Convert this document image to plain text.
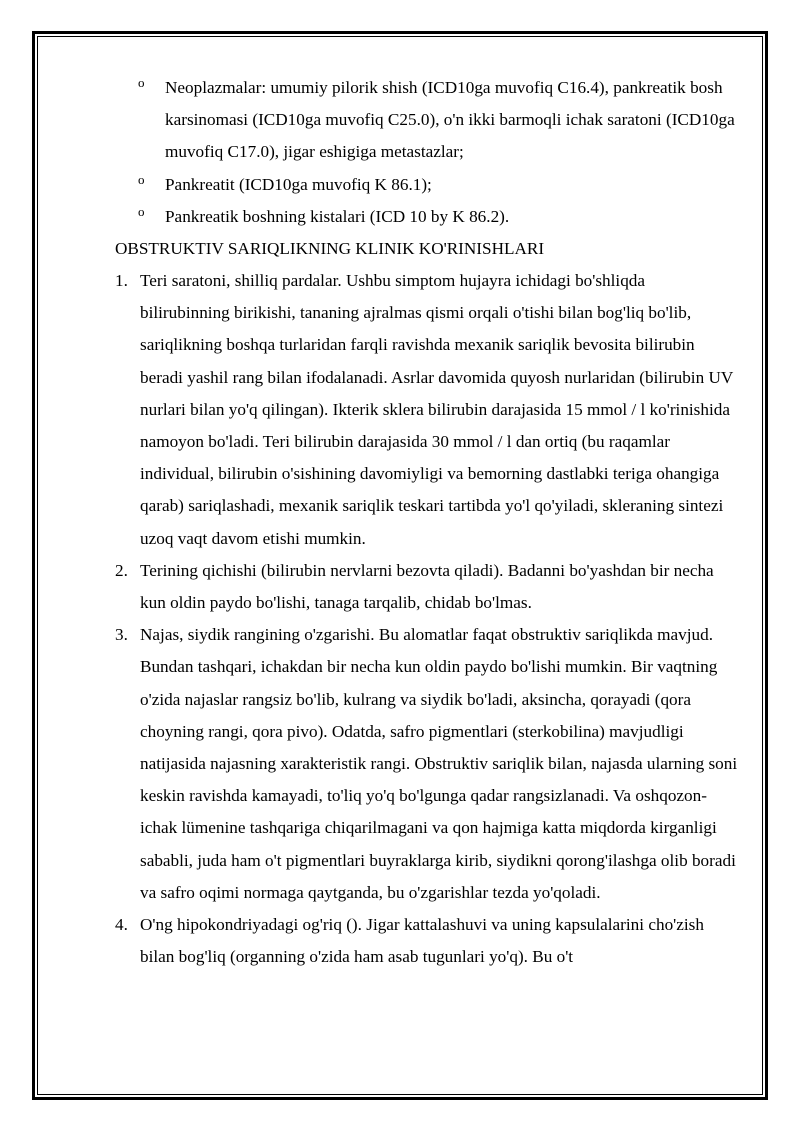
o Neoplazmalar: umumiy pilorik shish (ICD10ga muvofiq C16.4), pankreatik bosh karsinomasi (ICD10ga muvofiq C25.0), o'n ikki barmoqli ichak saratoni (ICD10ga muvofiq C17.0), jigar eshigiga metastazlar;
o Pankreatit (ICD10ga muvofiq K 86.1);
o Pankreatik boshning kistalari (ICD 10 by K 86.2).
OBSTRUKTIV SARIQLIKNING KLINIK KO'RINISHLARI
1. Teri saratoni, shilliq pardalar. Ushbu simptom hujayra ichidagi bo'shliqda bilirubinning birikishi, tananing ajralmas qismi orqali o'tishi bilan bog'liq bo'lib, sariqlikning boshqa turlaridan farqli ravishda mexanik sariqlik bevosita bilirubin beradi yashil rang bilan ifodalanadi. Asrlar davomida quyosh nurlaridan (bilirubin UV nurlari bilan yo'q qilingan). Ikterik sklera bilirubin darajasida 15 mmol / l ko'rinishida namoyon bo'ladi. Teri bilirubin darajasida 30 mmol / l dan ortiq (bu raqamlar individual, bilirubin o'sishining davomiyligi va bemorning dastlabki teriga ohangiga qarab) sariqlashadi, mexanik sariqlik teskari tartibda yo'l qo'yiladi, skleraning sintezi uzoq vaqt davom etishi mumkin.
2. Terining qichishi (bilirubin nervlarni bezovta qiladi). Badanni bo'yashdan bir necha kun oldin paydo bo'lishi, tanaga tarqalib, chidab bo'lmas.
3. Najas, siydik rangining o'zgarishi. Bu alomatlar faqat obstruktiv sariqlikda mavjud. Bundan tashqari, ichakdan bir necha kun oldin paydo bo'lishi mumkin. Bir vaqtning o'zida najaslar rangsiz bo'lib, kulrang va siydik bo'ladi, aksincha, qorayadi (qora choyning rangi, qora pivo). Odatda, safro pigmentlari (sterkobilina) mavjudligi natijasida najasning xarakteristik rangi. Obstruktiv sariqlik bilan, najasda ularning soni keskin ravishda kamayadi, to'liq yo'q bo'lgunga qadar rangsizlanadi. Va oshqozon-ichak lümenine tashqariga chiqarilmagani va qon hajmiga katta miqdorda kirganligi sababli, juda ham o't pigmentlari buyraklarga kirib, siydikni qorong'ilashga olib boradi va safro oqimi normaga qaytganda, bu o'zgarishlar tezda yo'qoladi.
4. O'ng hipokondriyadagi og'riq (). Jigar kattalashuvi va uning kapsulalarini cho'zish bilan bog'liq (organning o'zida ham asab tugunlari yo'q). Bu o't
